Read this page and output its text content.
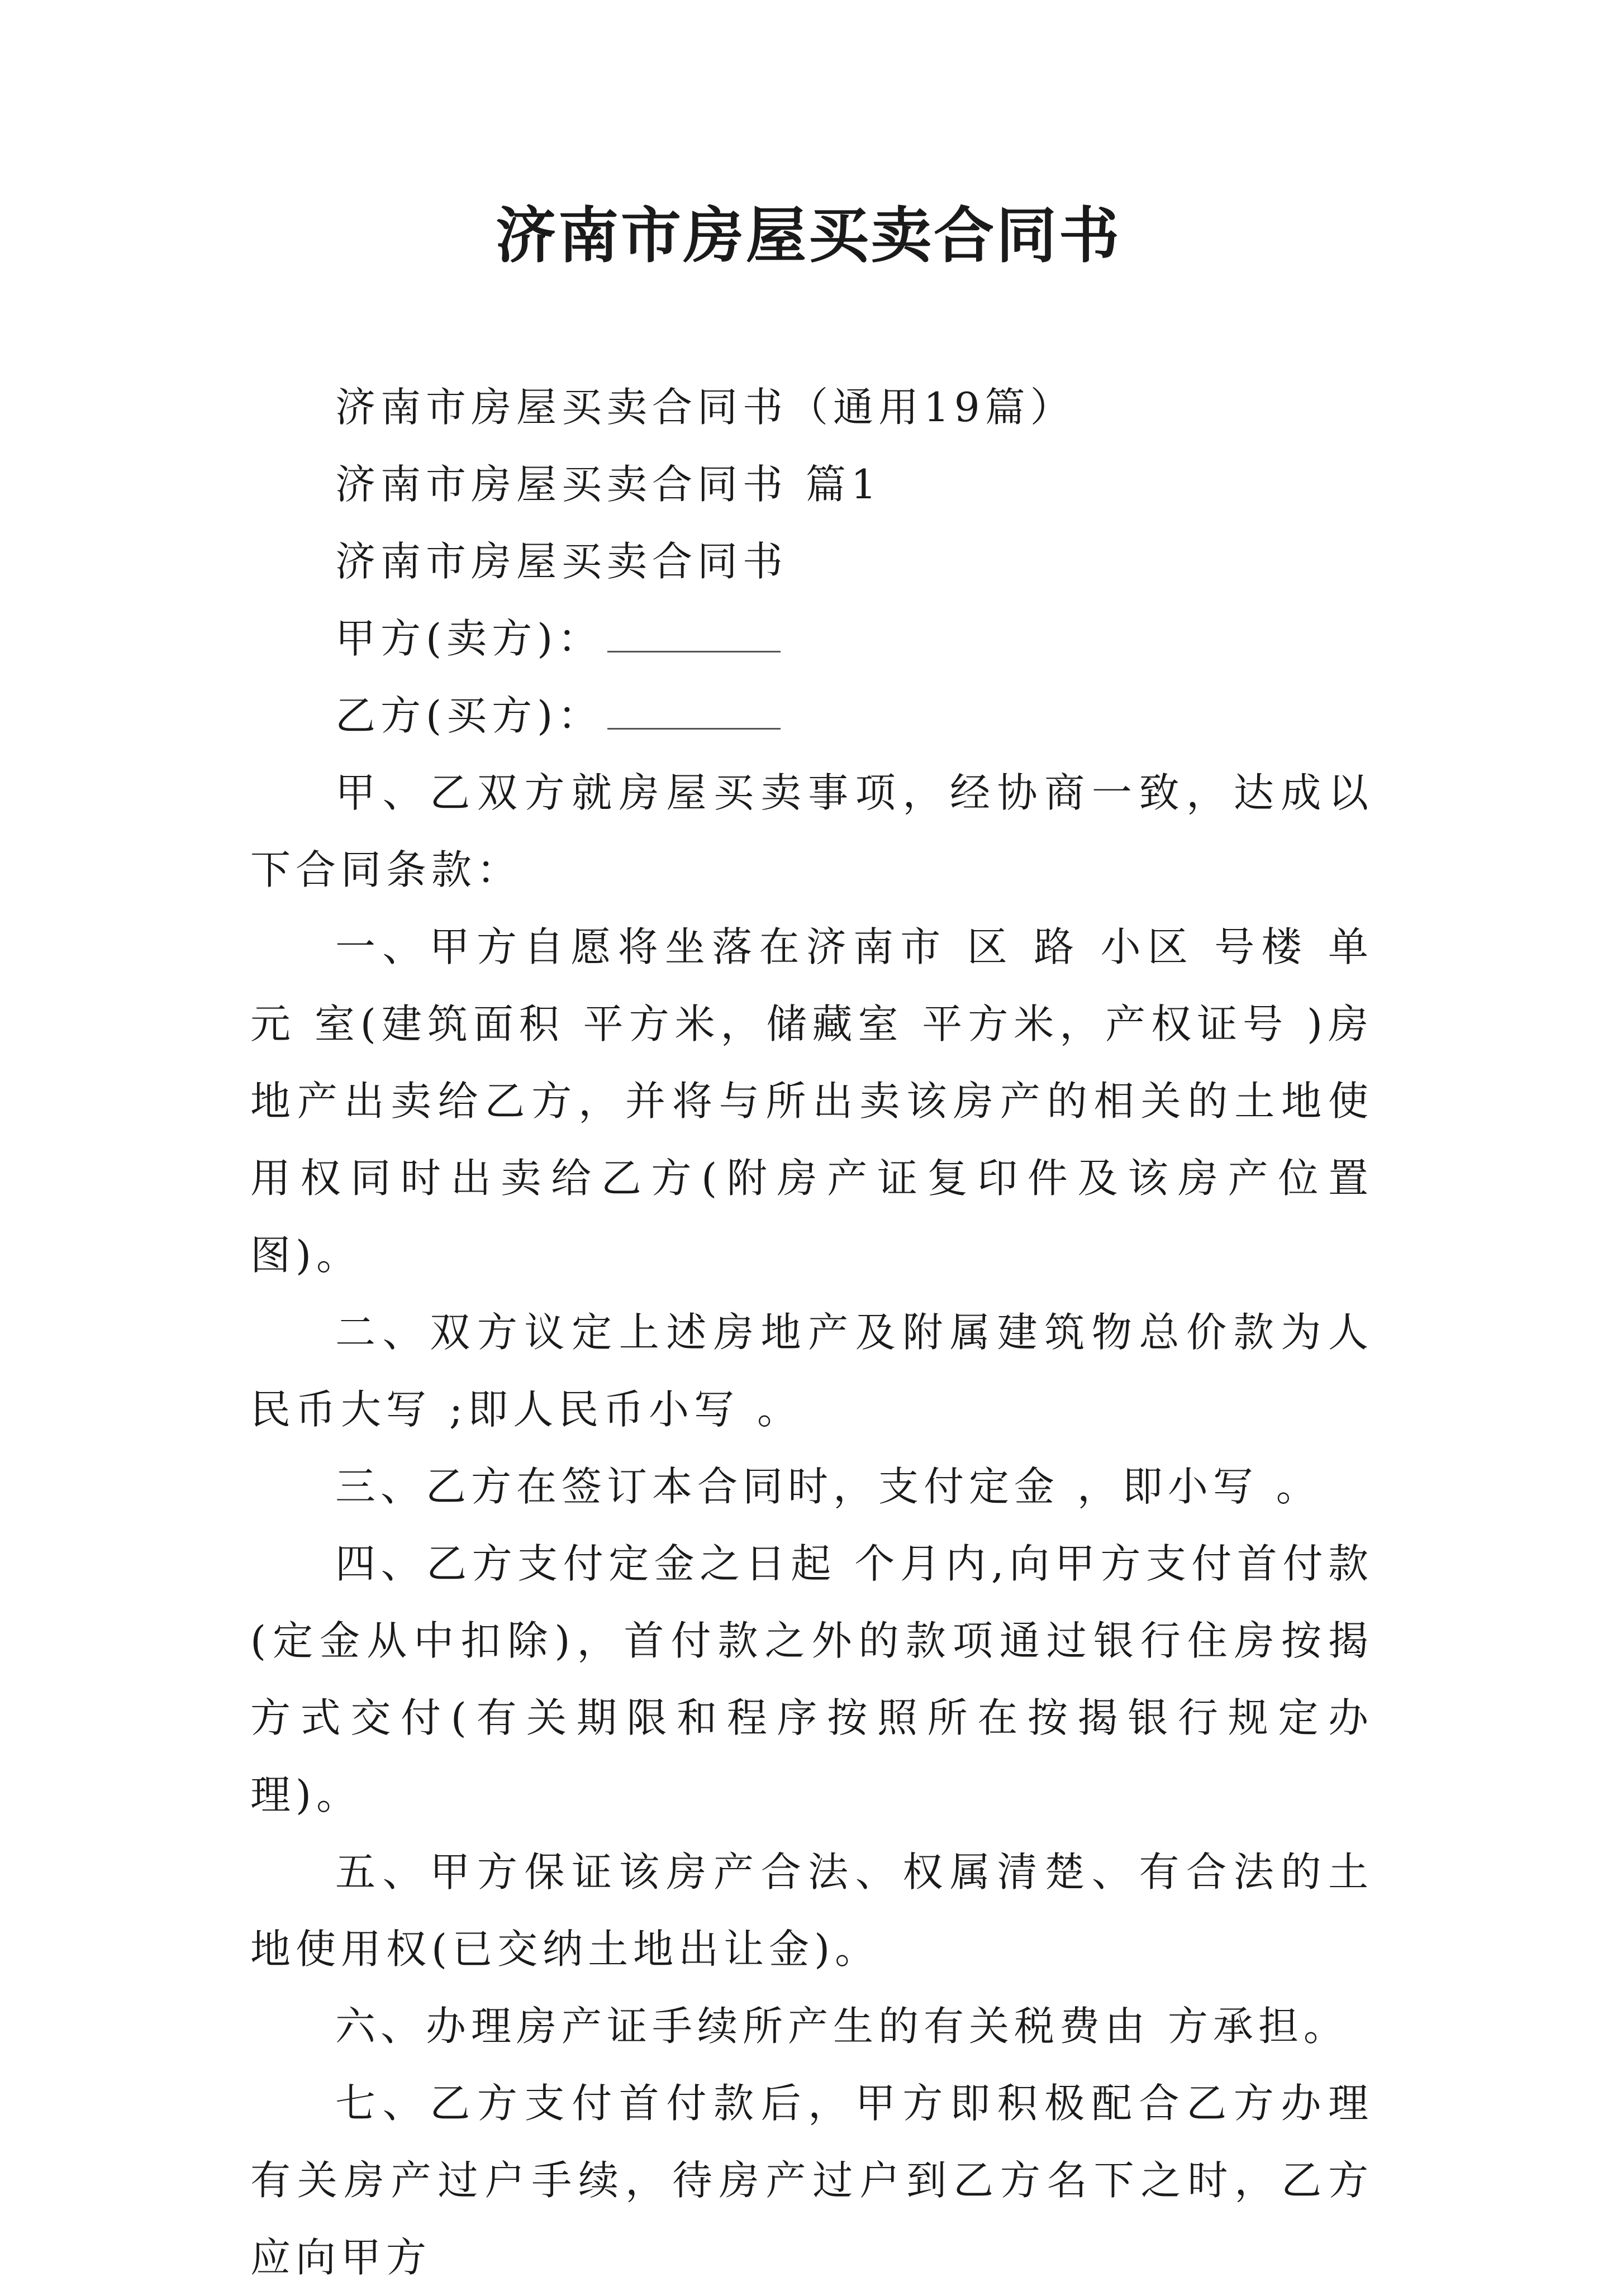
济南市房屋买卖合同书

济南市房屋买卖合同书（通用19篇）

济南市房屋买卖合同书 篇1

济南市房屋买卖合同书

甲方(卖方)：

乙方(买方)：

甲、乙双方就房屋买卖事项，经协商一致，达成以下合同条款：

一、甲方自愿将坐落在济南市 区 路 小区 号楼 单元 室(建筑面积 平方米，储藏室 平方米，产权证号 )房地产出卖给乙方，并将与所出卖该房产的相关的土地使用权同时出卖给乙方(附房产证复印件及该房产位置图)。

二、双方议定上述房地产及附属建筑物总价款为人民币大写 ;即人民币小写 。

三、乙方在签订本合同时，支付定金 ，即小写 。

四、乙方支付定金之日起 个月内,向甲方支付首付款(定金从中扣除)，首付款之外的款项通过银行住房按揭方式交付(有关期限和程序按照所在按揭银行规定办理)。

五、甲方保证该房产合法、权属清楚、有合法的土地使用权(已交纳土地出让金)。

六、办理房产证手续所产生的有关税费由 方承担。

七、乙方支付首付款后，甲方即积极配合乙方办理有关房产过户手续，待房产过户到乙方名下之时，乙方应向甲方
